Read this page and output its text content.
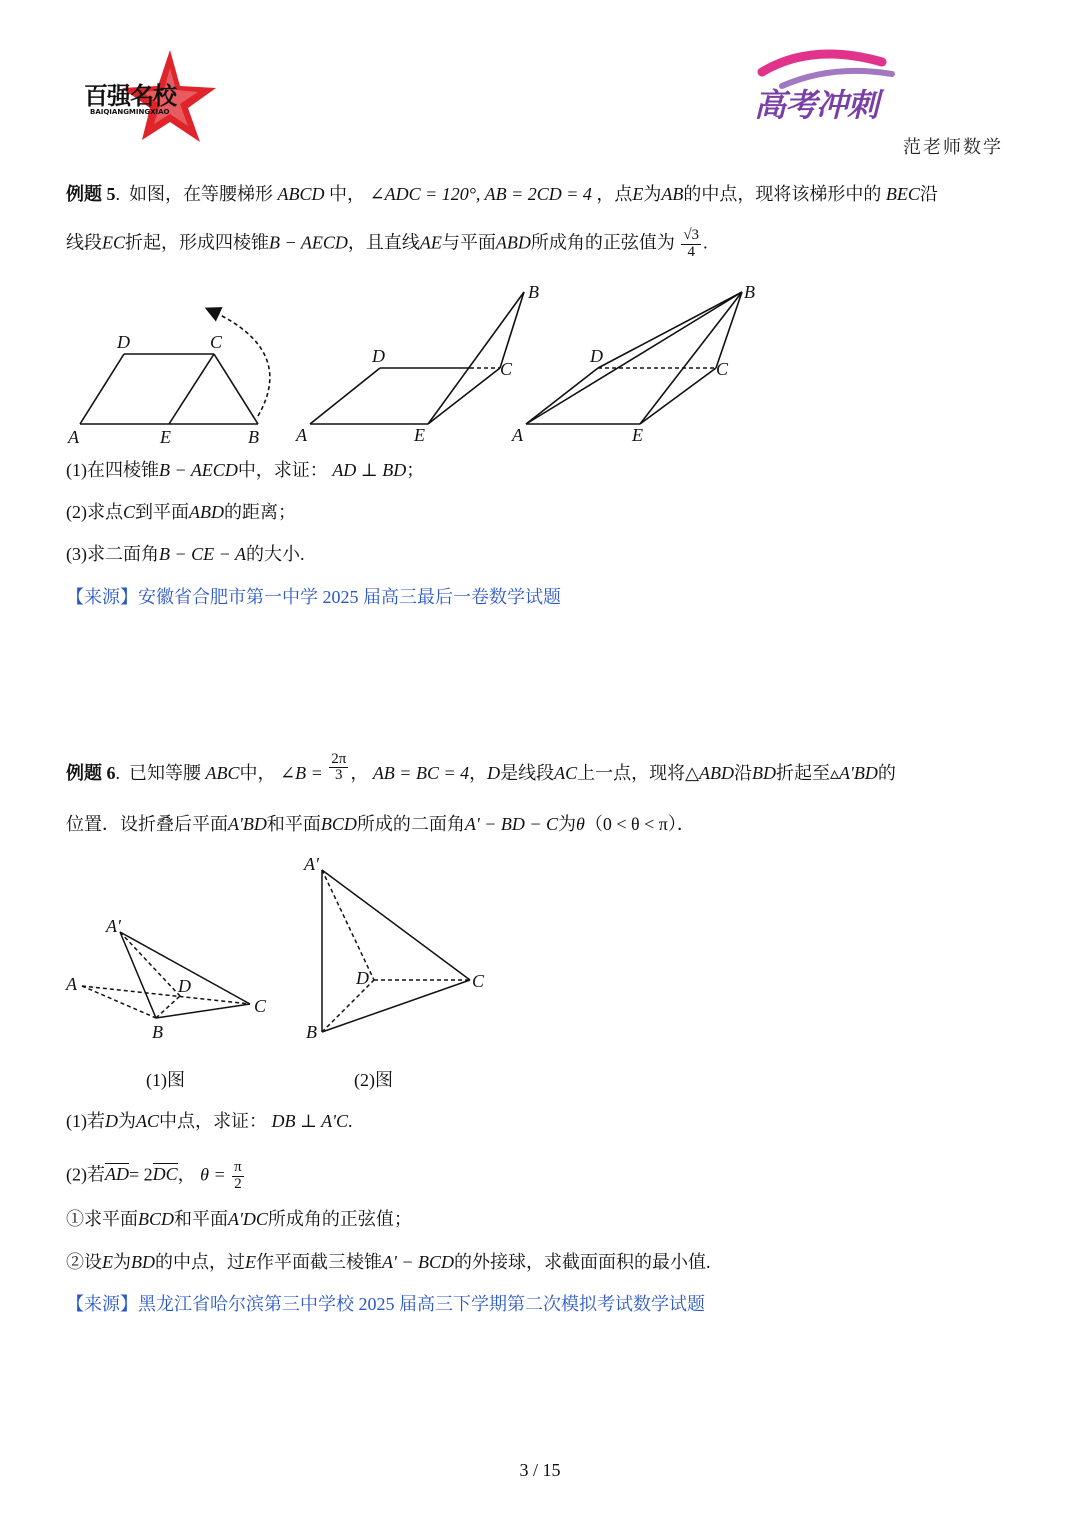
百强名校
BAIQIANGMINGXIAO	高考冲刺
范老师数学
例题 5.  如图，在等腰梯形 ABCD 中， ∠ADC = 120°, AB = 2CD = 4 ，点E为AB的中点，现将该梯形中的 BEC沿
线段EC折起，形成四棱锥B − AECD，且直线AE与平面ABD所成角的正弦值为 $\frac{√3}{4}$ .
A	E	B
D	C
A	E
D
C
B
A	E
D
C
B
(1)在四棱锥B − AECD中，求证： AD ⊥ BD；
(2)求点C到平面ABD的距离；
(3)求二面角B − CE − A的大小.
【来源】安徽省合肥市第一中学 2025 届高三最后一卷数学试题
例题 6.  已知等腰 ABC中， ∠B = $\frac{2\pi}{3}$ ， AB = BC = 4，D是线段AC上一点，现将△ABD沿BD折起至▵A'BD的
位置．设折叠后平面A'BD和平面BCD所成的二面角A' − BD − C为θ（0 < θ < π）．
A′
A	D
C
B
A′
D	C
B
(1)图	(2)图
(1)若D为AC中点，求证： DB ⊥ A'C.
(2)若AD= 2DC， $\theta = \frac{\pi}{2}$
①求平面BCD和平面A'DC所成角的正弦值；
②设E为BD的中点，过E作平面截三棱锥A' − BCD的外接球，求截面面积的最小值.
【来源】黑龙江省哈尔滨第三中学校 2025 届高三下学期第二次模拟考试数学试题
3 / 15
